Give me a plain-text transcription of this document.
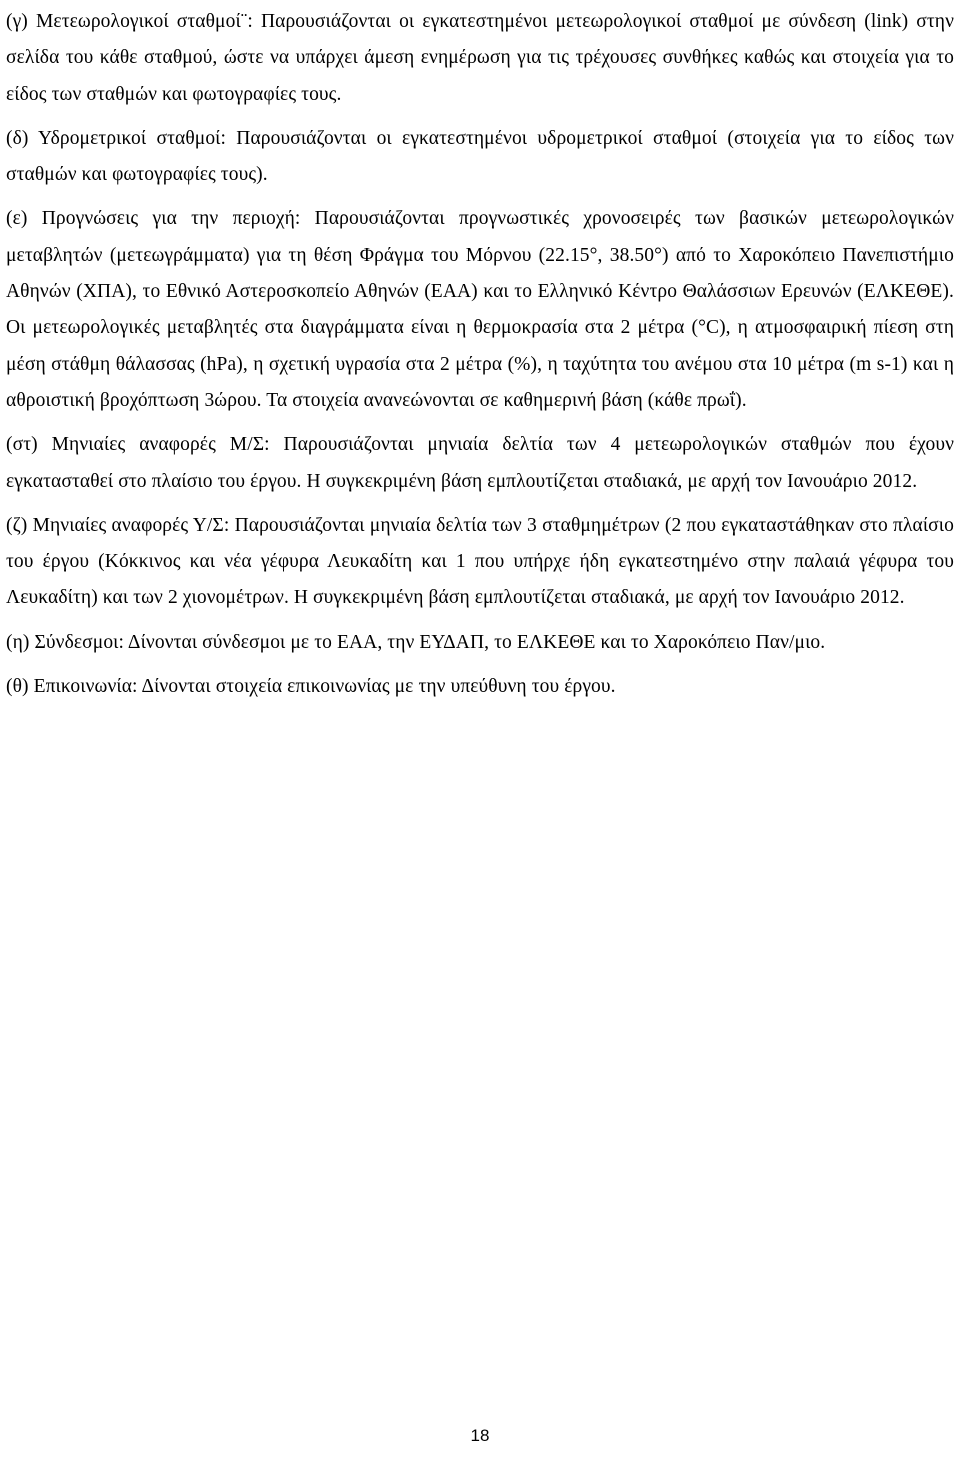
(γ) Μετεωρολογικοί σταθμοί¨: Παρουσιάζονται οι εγκατεστημένοι μετεωρολογικοί σταθμοί με σύνδεση (link) στην σελίδα του κάθε σταθμού, ώστε να υπάρχει άμεση ενημέρωση για τις τρέχουσες συνθήκες καθώς και στοιχεία για το είδος των σταθμών και φωτογραφίες τους.

(δ) Υδρομετρικοί σταθμοί: Παρουσιάζονται οι εγκατεστημένοι υδρομετρικοί σταθμοί (στοιχεία για το είδος των σταθμών και φωτογραφίες τους).

(ε) Προγνώσεις για την περιοχή: Παρουσιάζονται προγνωστικές χρονοσειρές των βασικών μετεωρολογικών μεταβλητών (μετεωγράμματα) για τη θέση Φράγμα του Μόρνου (22.15°, 38.50°) από το Χαροκόπειο Πανεπιστήμιο Αθηνών (ΧΠΑ), το Εθνικό Αστεροσκοπείο Αθηνών (ΕΑΑ) και το Ελληνικό Κέντρο Θαλάσσιων Ερευνών (ΕΛΚΕΘΕ). Οι μετεωρολογικές μεταβλητές στα διαγράμματα είναι η θερμοκρασία στα 2 μέτρα (°C), η ατμοσφαιρική πίεση στη μέση στάθμη θάλασσας (hPa), η σχετική υγρασία στα 2 μέτρα (%), η ταχύτητα του ανέμου στα 10 μέτρα (m s-1) και η αθροιστική βροχόπτωση 3ώρου. Τα στοιχεία ανανεώνονται σε καθημερινή βάση (κάθε πρωΐ).

(στ) Μηνιαίες αναφορές Μ/Σ: Παρουσιάζονται μηνιαία δελτία των 4 μετεωρολογικών σταθμών που έχουν εγκατασταθεί στο πλαίσιο του έργου. Η συγκεκριμένη βάση εμπλουτίζεται σταδιακά, με αρχή τον Ιανουάριο 2012.

(ζ) Μηνιαίες αναφορές Υ/Σ: Παρουσιάζονται μηνιαία δελτία των 3 σταθμημέτρων (2 που εγκαταστάθηκαν στο πλαίσιο του έργου (Κόκκινος και νέα γέφυρα Λευκαδίτη και 1 που υπήρχε ήδη εγκατεστημένο στην παλαιά γέφυρα του Λευκαδίτη) και των 2 χιονομέτρων. Η συγκεκριμένη βάση εμπλουτίζεται σταδιακά, με αρχή τον Ιανουάριο 2012.

(η) Σύνδεσμοι: Δίνονται σύνδεσμοι με το ΕΑΑ, την ΕΥΔΑΠ, το ΕΛΚΕΘΕ και το Χαροκόπειο Παν/μιο.

(θ) Επικοινωνία: Δίνονται στοιχεία επικοινωνίας με την υπεύθυνη του έργου.

18
